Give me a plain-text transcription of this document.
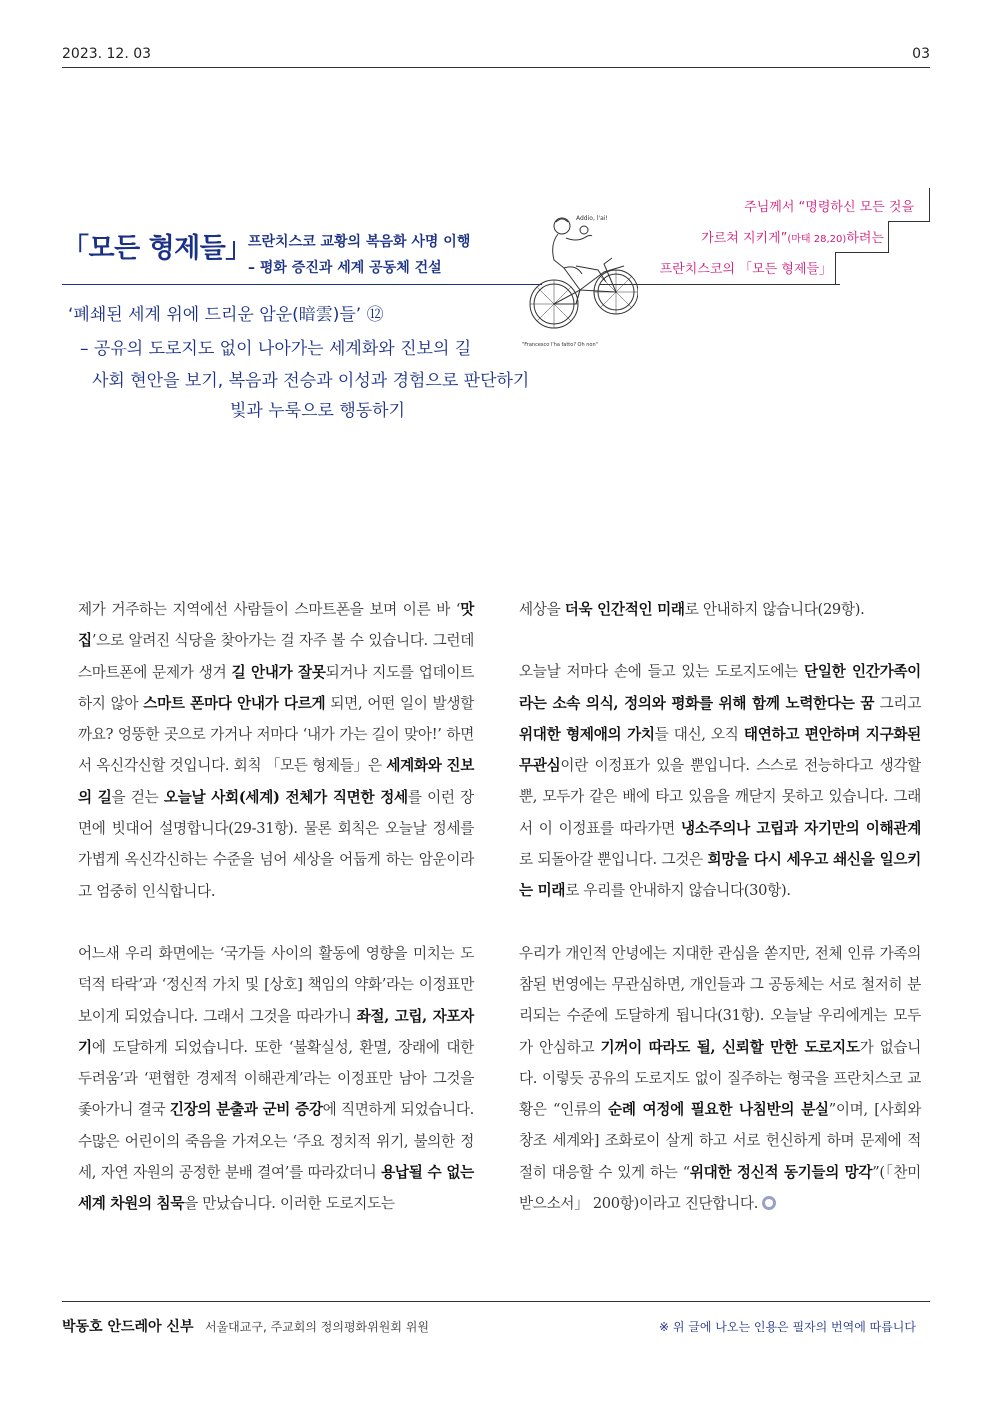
2023. 12. 03	03
「모든 형제들」
프란치스코 교황의 복음화 사명 이행
– 평화 증진과 세계 공동체 건설
‘폐쇄된 세계 위에 드리운 암운(暗雲)들’ ⑫
– 공유의 도로지도 없이 나아가는 세계화와 진보의 길
사회 현안을 보기, 복음과 전승과 이성과 경험으로 판단하기
빛과 누룩으로 행동하기
주님께서 “명령하신 모든 것을
가르쳐 지키게”(마태 28,20)하려는
프란치스코의 「모든 형제들」
Addio, l'ai!
"Francesco l'ha fatto? Oh non"

제가 거주하는 지역에선 사람들이 스마트폰을 보며 이른 바 ‘맛집’으로 알려진 식당을 찾아가는 걸 자주 볼 수 있습니다. 그런데 스마트폰에 문제가 생겨 길 안내가 잘못되거나 지도를 업데이트하지 않아 스마트 폰마다 안내가 다르게 되면, 어떤 일이 발생할까요? 엉뚱한 곳으로 가거나 저마다 ‘내가 가는 길이 맞아!’ 하면서 옥신각신할 것입니다. 회칙 「모든 형제들」은 세계화와 진보의 길을 걷는 오늘날 사회(세계) 전체가 직면한 정세를 이런 장면에 빗대어 설명합니다(29-31항). 물론 회칙은 오늘날 정세를 가볍게 옥신각신하는 수준을 넘어 세상을 어둡게 하는 암운이라고 엄중히 인식합니다.

어느새 우리 화면에는 ‘국가들 사이의 활동에 영향을 미치는 도덕적 타락’과 ‘정신적 가치 및 [상호] 책임의 약화’라는 이정표만 보이게 되었습니다. 그래서 그것을 따라가니 좌절, 고립, 자포자기에 도달하게 되었습니다. 또한 ‘불확실성, 환멸, 장래에 대한 두려움’과 ‘편협한 경제적 이해관계’라는 이정표만 남아 그것을 좇아가니 결국 긴장의 분출과 군비 증강에 직면하게 되었습니다. 수많은 어린이의 죽음을 가져오는 ‘주요 정치적 위기, 불의한 정세, 자연 자원의 공정한 분배 결여’를 따라갔더니 용납될 수 없는 세계 차원의 침묵을 만났습니다. 이러한 도로지도는

세상을 더욱 인간적인 미래로 안내하지 않습니다(29항).

오늘날 저마다 손에 들고 있는 도로지도에는 단일한 인간가족이라는 소속 의식, 정의와 평화를 위해 함께 노력한다는 꿈 그리고 위대한 형제애의 가치들 대신, 오직 태연하고 편안하며 지구화된 무관심이란 이정표가 있을 뿐입니다. 스스로 전능하다고 생각할 뿐, 모두가 같은 배에 타고 있음을 깨닫지 못하고 있습니다. 그래서 이 이정표를 따라가면 냉소주의나 고립과 자기만의 이해관계로 되돌아갈 뿐입니다. 그것은 희망을 다시 세우고 쇄신을 일으키는 미래로 우리를 안내하지 않습니다(30항).

우리가 개인적 안녕에는 지대한 관심을 쏟지만, 전체 인류 가족의 참된 번영에는 무관심하면, 개인들과 그 공동체는 서로 철저히 분리되는 수준에 도달하게 됩니다(31항). 오늘날 우리에게는 모두가 안심하고 기꺼이 따라도 될, 신뢰할 만한 도로지도가 없습니다. 이렇듯 공유의 도로지도 없이 질주하는 형국을 프란치스코 교황은 “인류의 순례 여정에 필요한 나침반의 분실”이며, [사회와 창조 세계와] 조화로이 살게 하고 서로 헌신하게 하며 문제에 적절히 대응할 수 있게 하는 “위대한 정신적 동기들의 망각”(「찬미받으소서」 200항)이라고 진단합니다.

박동호 안드레아 신부 서울대교구, 주교회의 정의평화위원회 위원	※ 위 글에 나오는 인용은 필자의 번역에 따릅니다
